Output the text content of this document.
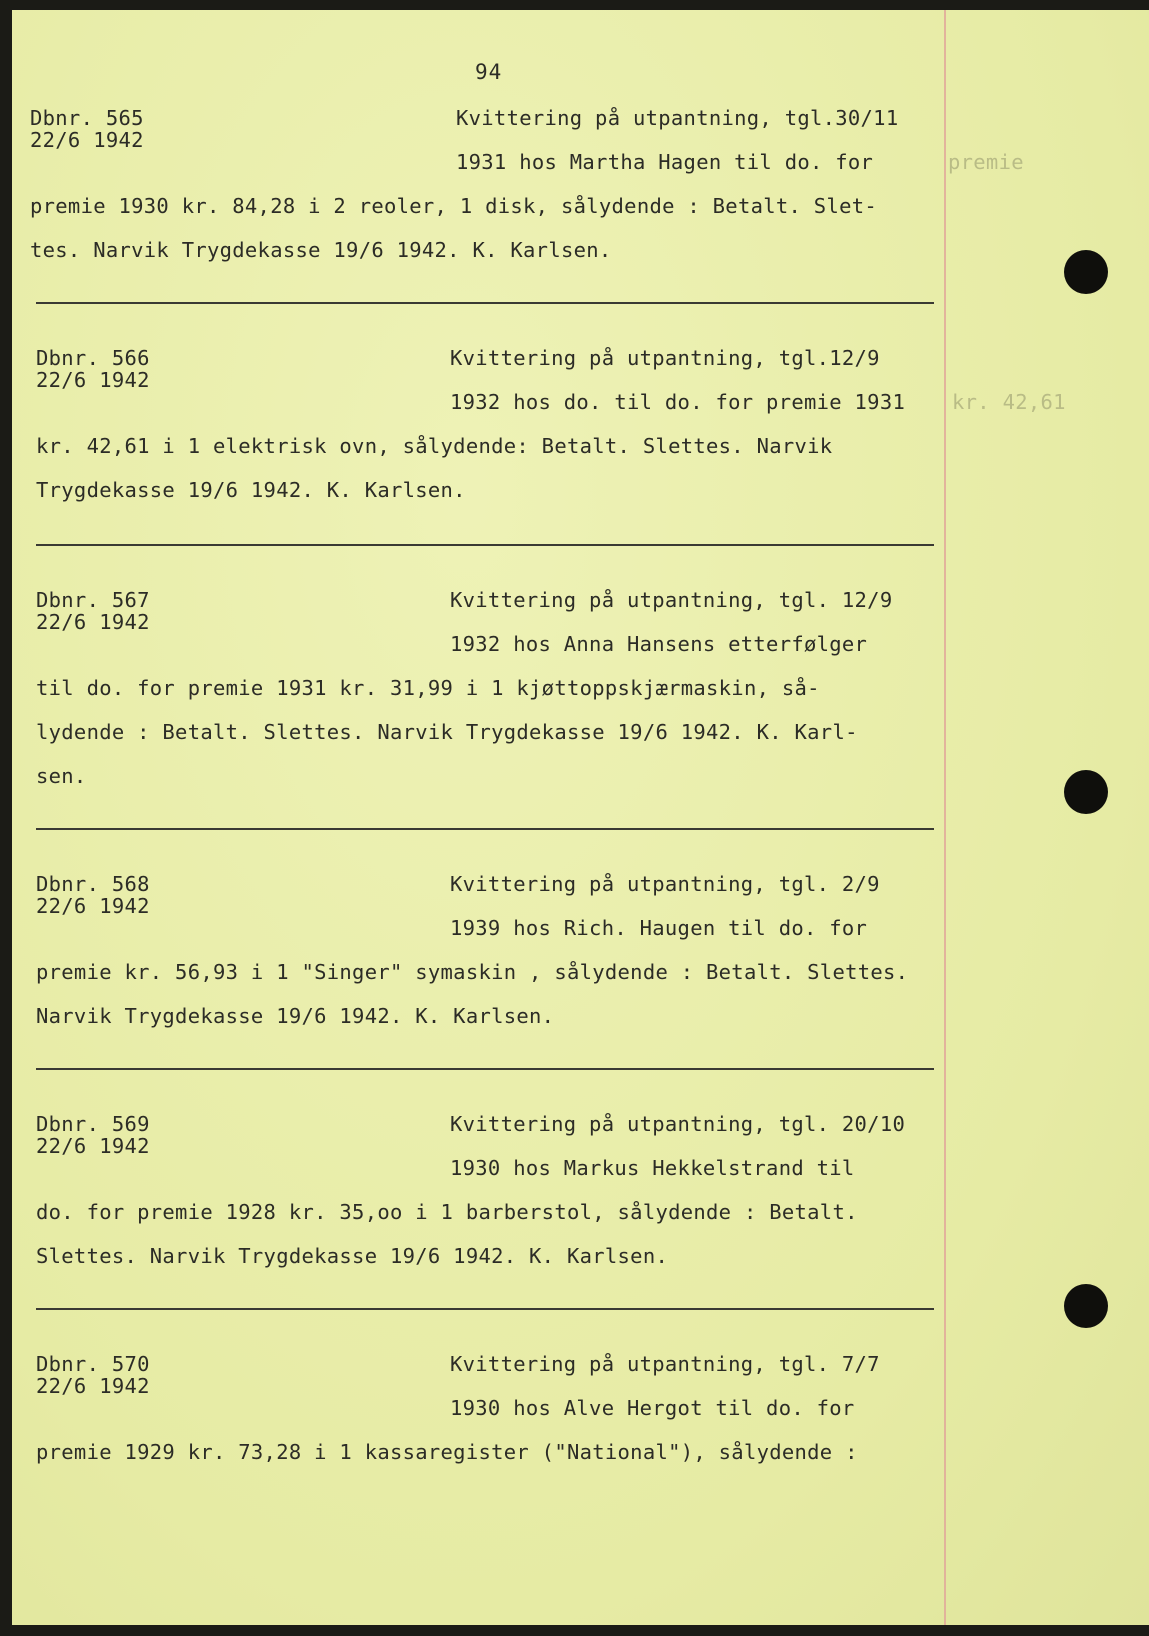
94
Dbnr. 565
22/6 1942
Kvittering på utpantning, tgl.30/11
1931 hos Martha Hagen til do. for	premie
premie 1930 kr. 84,28 i 2 reoler, 1 disk, sålydende : Betalt. Slet-
tes. Narvik Trygdekasse 19/6 1942. K. Karlsen.
Dbnr. 566
22/6 1942
Kvittering på utpantning, tgl.12/9
1932 hos do. til do. for premie 1931 kr. 42,61
kr. 42,61 i 1 elektrisk ovn, sålydende: Betalt. Slettes. Narvik
Trygdekasse 19/6 1942. K. Karlsen.
Dbnr. 567
22/6 1942
Kvittering på utpantning, tgl. 12/9
1932 hos Anna Hansens etterfølger
til do. for premie 1931 kr. 31,99 i 1 kjøttoppskjærmaskin, så-
lydende : Betalt. Slettes. Narvik Trygdekasse 19/6 1942. K. Karl-
sen.
Dbnr. 568
22/6 1942
Kvittering på utpantning, tgl. 2/9
1939 hos Rich. Haugen til do. for
premie kr. 56,93 i 1 "Singer" symaskin , sålydende : Betalt. Slettes.
Narvik Trygdekasse 19/6 1942. K. Karlsen.
Dbnr. 569
22/6 1942
Kvittering på utpantning, tgl. 20/10
1930 hos Markus Hekkelstrand til
do. for premie 1928 kr. 35,oo i 1 barberstol, sålydende : Betalt.
Slettes. Narvik Trygdekasse 19/6 1942. K. Karlsen.
Dbnr. 570
22/6 1942
Kvittering på utpantning, tgl. 7/7
1930 hos Alve Hergot til do. for
premie 1929 kr. 73,28 i 1 kassaregister ("National"), sålydende :
